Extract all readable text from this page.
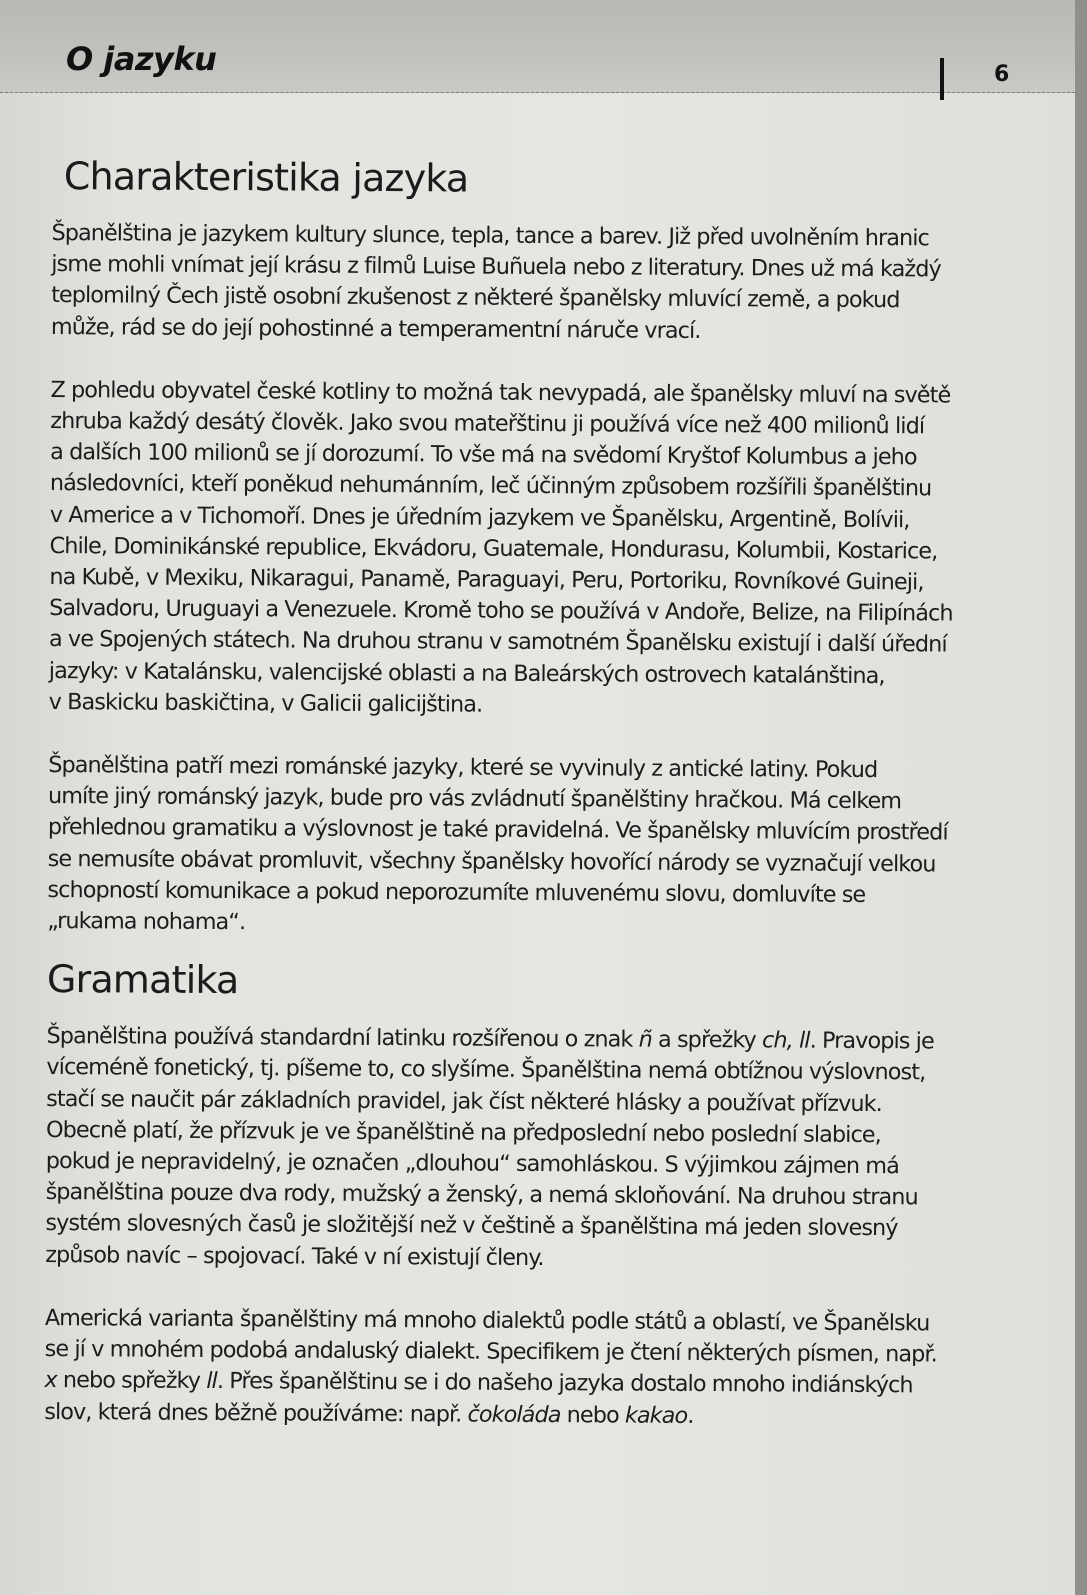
O jazyku	6
Charakteristika jazyka

Španělština je jazykem kultury slunce, tepla, tance a barev. Již před uvolněním hranic
jsme mohli vnímat její krásu z filmů Luise Buñuela nebo z literatury. Dnes už má každý
teplomilný Čech jistě osobní zkušenost z některé španělsky mluvící země, a pokud
může, rád se do její pohostinné a temperamentní náruče vrací.

Z pohledu obyvatel české kotliny to možná tak nevypadá, ale španělsky mluví na světě
zhruba každý desátý člověk. Jako svou mateřštinu ji používá více než 400 milionů lidí
a dalších 100 milionů se jí dorozumí. To vše má na svědomí Kryštof Kolumbus a jeho
následovníci, kteří poněkud nehumánním, leč účinným způsobem rozšířili španělštinu
v Americe a v Tichomoří. Dnes je úředním jazykem ve Španělsku, Argentině, Bolívii,
Chile, Dominikánské republice, Ekvádoru, Guatemale, Hondurasu, Kolumbii, Kostarice,
na Kubě, v Mexiku, Nikaragui, Panamě, Paraguayi, Peru, Portoriku, Rovníkové Guineji,
Salvadoru, Uruguayi a Venezuele. Kromě toho se používá v Andoře, Belize, na Filipínách
a ve Spojených státech. Na druhou stranu v samotném Španělsku existují i další úřední
jazyky: v Katalánsku, valencijské oblasti a na Baleárských ostrovech katalánština,
v Baskicku baskičtina, v Galicii galicijština.

Španělština patří mezi románské jazyky, které se vyvinuly z antické latiny. Pokud
umíte jiný románský jazyk, bude pro vás zvládnutí španělštiny hračkou. Má celkem
přehlednou gramatiku a výslovnost je také pravidelná. Ve španělsky mluvícím prostředí
se nemusíte obávat promluvit, všechny španělsky hovořící národy se vyznačují velkou
schopností komunikace a pokud neporozumíte mluvenému slovu, domluvíte se
„rukama nohama“.

Gramatika

Španělština používá standardní latinku rozšířenou o znak ñ a spřežky ch, ll. Pravopis je
víceméně fonetický, tj. píšeme to, co slyšíme. Španělština nemá obtížnou výslovnost,
stačí se naučit pár základních pravidel, jak číst některé hlásky a používat přízvuk.
Obecně platí, že přízvuk je ve španělštině na předposlední nebo poslední slabice,
pokud je nepravidelný, je označen „dlouhou“ samohláskou. S výjimkou zájmen má
španělština pouze dva rody, mužský a ženský, a nemá skloňování. Na druhou stranu
systém slovesných časů je složitější než v češtině a španělština má jeden slovesný
způsob navíc – spojovací. Také v ní existují členy.

Americká varianta španělštiny má mnoho dialektů podle států a oblastí, ve Španělsku
se jí v mnohém podobá andaluský dialekt. Specifikem je čtení některých písmen, např.
x nebo spřežky ll. Přes španělštinu se i do našeho jazyka dostalo mnoho indiánských
slov, která dnes běžně používáme: např. čokoláda nebo kakao.
